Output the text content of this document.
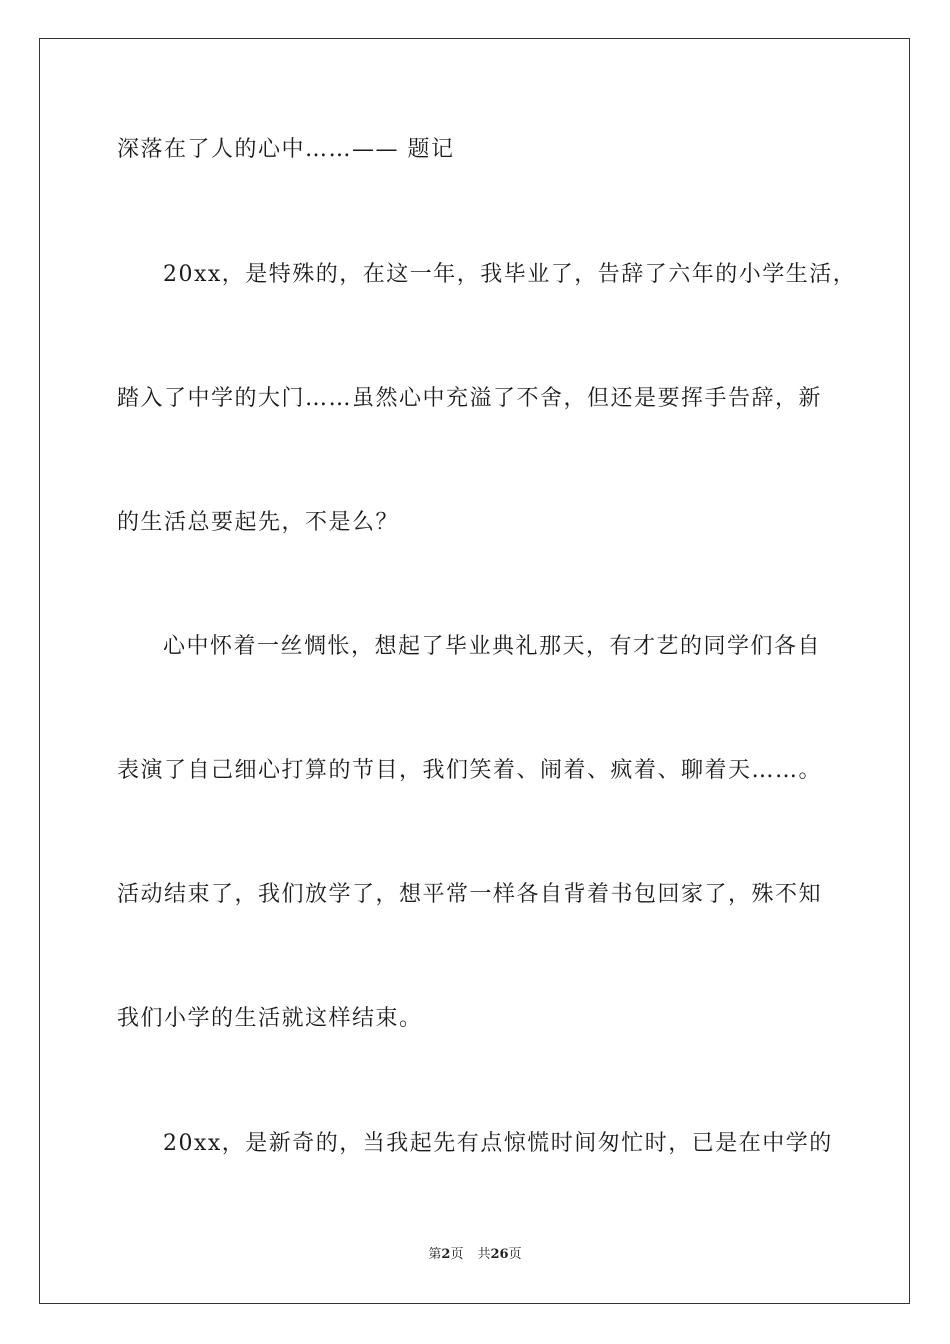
深落在了人的心中……—— 题记
20xx，是特殊的，在这一年，我毕业了，告辞了六年的小学生活，
踏入了中学的大门……虽然心中充溢了不舍，但还是要挥手告辞，新
的生活总要起先，不是么？
心中怀着一丝惆怅，想起了毕业典礼那天，有才艺的同学们各自
表演了自己细心打算的节目，我们笑着、闹着、疯着、聊着天……。
活动结束了，我们放学了，想平常一样各自背着书包回家了，殊不知
我们小学的生活就这样结束。
20xx，是新奇的，当我起先有点惊慌时间匆忙时，已是在中学的
第2页 共26页
